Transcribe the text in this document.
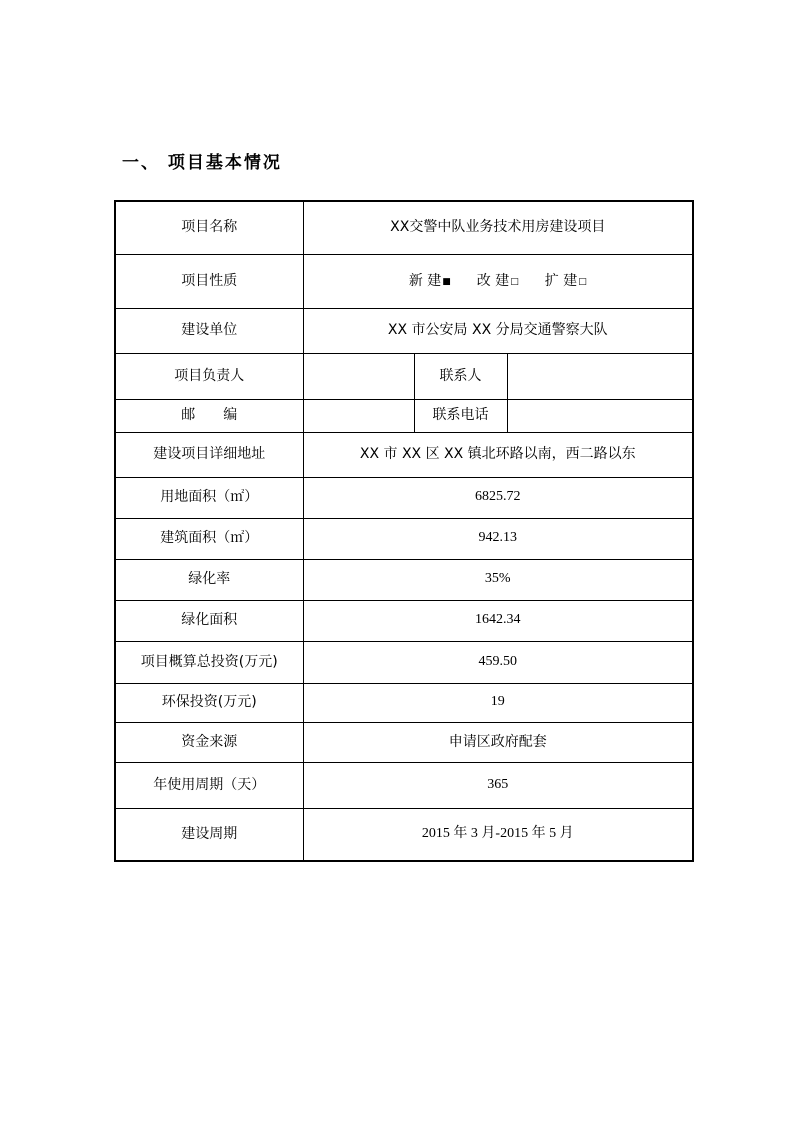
一、 项目基本情况
项目名称	XX交警中队业务技术用房建设项目		
项目性质	新 建■ 改 建□ 扩 建□		
建设单位	XX 市公安局 XX 分局交通警察大队		
项目负责人		联系人	
邮　　编		联系电话	
建设项目详细地址	XX 市 XX 区 XX 镇北环路以南，西二路以东		
用地面积（㎡）	6825.72		
建筑面积（㎡）	942.13		
绿化率	35%		
绿化面积	1642.34		
项目概算总投资(万元)	459.50		
环保投资(万元)	19		
资金来源	申请区政府配套		
年使用周期（天）	365		
建设周期	2015 年 3 月-2015 年 5 月		
